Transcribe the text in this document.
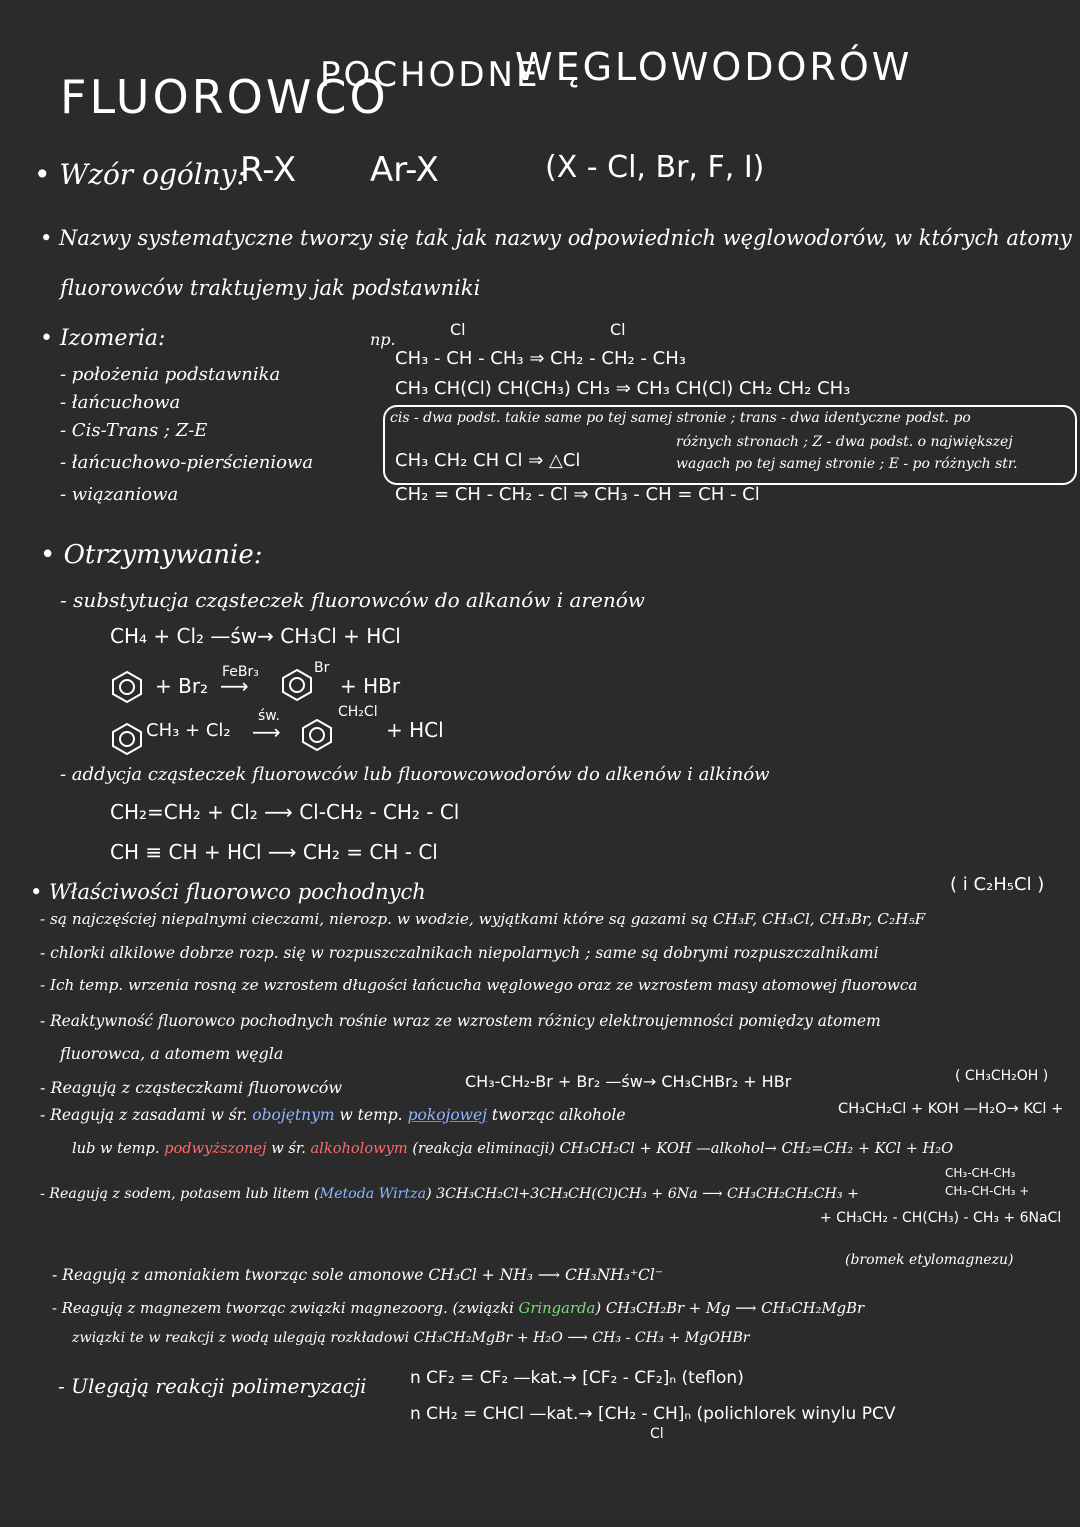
FLUOROWCO
POCHODNE
WĘGLOWODORÓW
• Wzór ogólny:
R-X Ar-X	(X - Cl, Br, F, I)
• Nazwy systematyczne tworzy się tak jak nazwy odpowiednich węglowodorów, w których atomy
fluorowców traktujemy jak podstawniki
• Izomeria:
- położenia podstawnika
- łańcuchowa
- Cis-Trans ; Z-E
- łańcuchowo-pierścieniowa
- wiązaniowa
np.
Cl	Cl
CH₃ - CH - CH₃ ⇒ CH₂ - CH₂ - CH₃
CH₃ CH(Cl) CH(CH₃) CH₃ ⇒ CH₃ CH(Cl) CH₂ CH₂ CH₃
cis - dwa podst. takie same po tej samej stronie ; trans - dwa identyczne podst. po
różnych stronach ; Z - dwa podst. o największej
wagach po tej samej stronie ; E - po różnych str.
CH₃ CH₂ CH Cl ⇒ △Cl
CH₂ = CH - CH₂ - Cl ⇒ CH₃ - CH = CH - Cl
• Otrzymywanie:
- substytucja cząsteczek fluorowców do alkanów i arenów
CH₄ + Cl₂ —św→ CH₃Cl + HCl
+ Br₂
FeBr₃
⟶
Br
+ HBr
CH₃ + Cl₂
św.
⟶
CH₂Cl
+ HCl
- addycja cząsteczek fluorowców lub fluorowcowodorów do alkenów i alkinów
CH₂=CH₂ + Cl₂ ⟶ Cl-CH₂ - CH₂ - Cl
CH ≡ CH + HCl ⟶ CH₂ = CH - Cl
• Właściwości fluorowco pochodnych	( i C₂H₅Cl )
- są najczęściej niepalnymi cieczami, nierozp. w wodzie, wyjątkami które są gazami są CH₃F, CH₃Cl, CH₃Br, C₂H₅F
- chlorki alkilowe dobrze rozp. się w rozpuszczalnikach niepolarnych ; same są dobrymi rozpuszczalnikami
- Ich temp. wrzenia rosną ze wzrostem długości łańcucha węglowego oraz ze wzrostem masy atomowej fluorowca
- Reaktywność fluorowco pochodnych rośnie wraz ze wzrostem różnicy elektroujemności pomiędzy atomem
fluorowca, a atomem węgla
- Reagują z cząsteczkami fluorowców	CH₃-CH₂-Br + Br₂ —św→ CH₃CHBr₂ + HBr	( CH₃CH₂OH )
- Reagują z zasadami w śr. obojętnym w temp. pokojowej tworząc alkohole	CH₃CH₂Cl + KOH —H₂O→ KCl +
lub w temp. podwyższonej w śr. alkoholowym (reakcja eliminacji) CH₃CH₂Cl + KOH —alkohol→ CH₂=CH₂ + KCl + H₂O
- Reagują z sodem, potasem lub litem (Metoda Wirtza) 3CH₃CH₂Cl+3CH₃CH(Cl)CH₃ + 6Na ⟶ CH₃CH₂CH₂CH₃ +
CH₃-CH-CH₃
CH₃-CH-CH₃ +
+ CH₃CH₂ - CH(CH₃) - CH₃ + 6NaCl
- Reagują z amoniakiem tworząc sole amonowe CH₃Cl + NH₃ ⟶ CH₃NH₃⁺Cl⁻
(bromek etylomagnezu)
- Reagują z magnezem tworząc związki magnezoorg. (związki Gringarda) CH₃CH₂Br + Mg ⟶ CH₃CH₂MgBr
związki te w reakcji z wodą ulegają rozkładowi CH₃CH₂MgBr + H₂O ⟶ CH₃ - CH₃ + MgOHBr
- Ulegają reakcji polimeryzacji	n CF₂ = CF₂ —kat.→ [CF₂ - CF₂]ₙ (teflon)
n CH₂ = CHCl —kat.→ [CH₂ - CH]ₙ (polichlorek winylu PCV
Cl
